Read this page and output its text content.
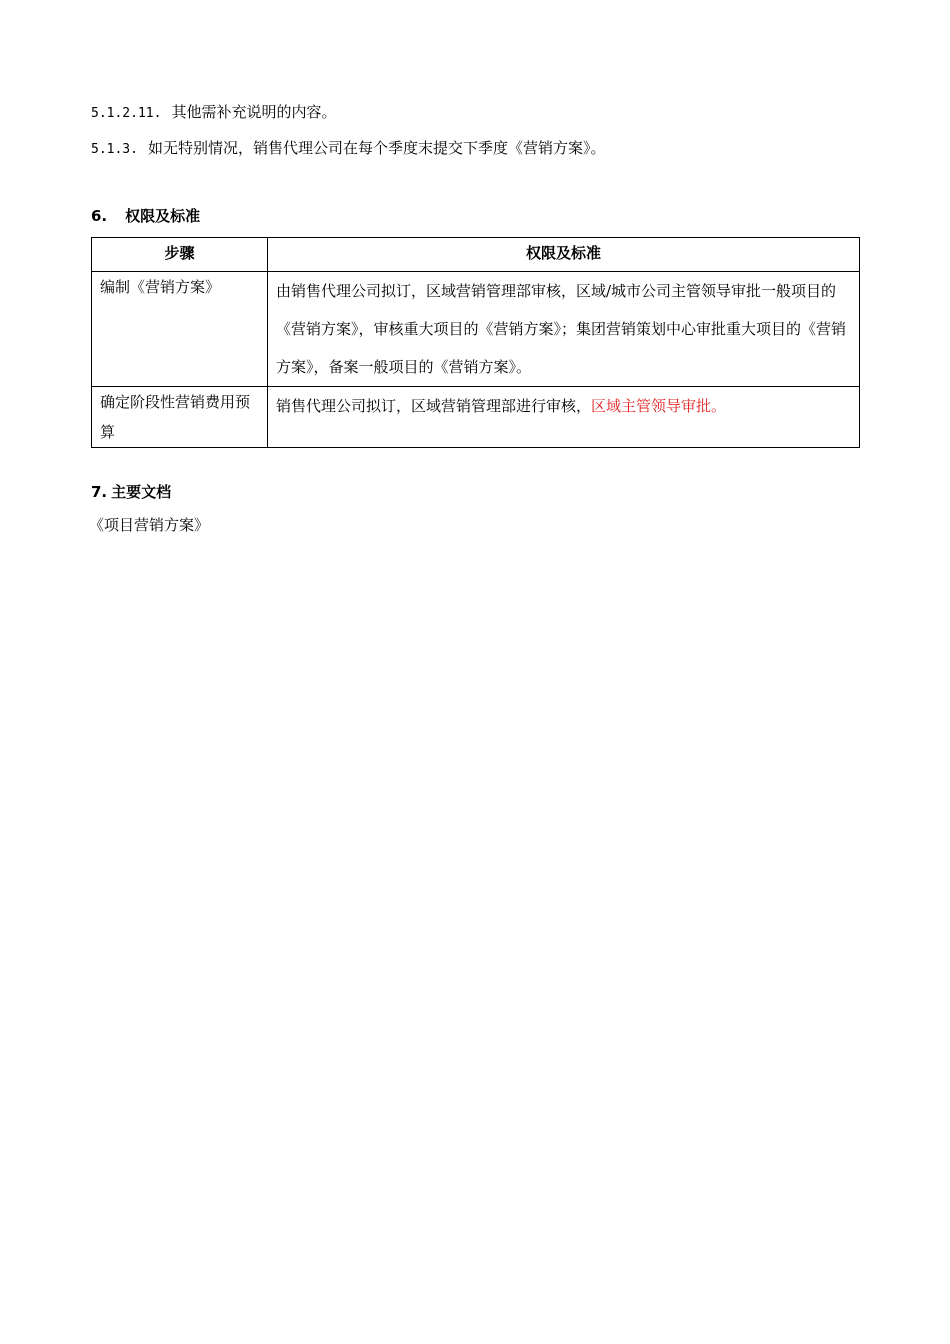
5.1.2.11. 其他需补充说明的内容。
5.1.3. 如无特别情况，销售代理公司在每个季度末提交下季度《营销方案》。
6. 权限及标准
步骤	权限及标准
编制《营销方案》	由销售代理公司拟订，区域营销管理部审核，区域/城市公司主管领导审批一般项目的《营销方案》，审核重大项目的《营销方案》；集团营销策划中心审批重大项目的《营销方案》，备案一般项目的《营销方案》。
确定阶段性营销费用预算	销售代理公司拟订，区域营销管理部进行审核，区域主管领导审批。
7. 主要文档
《项目营销方案》
